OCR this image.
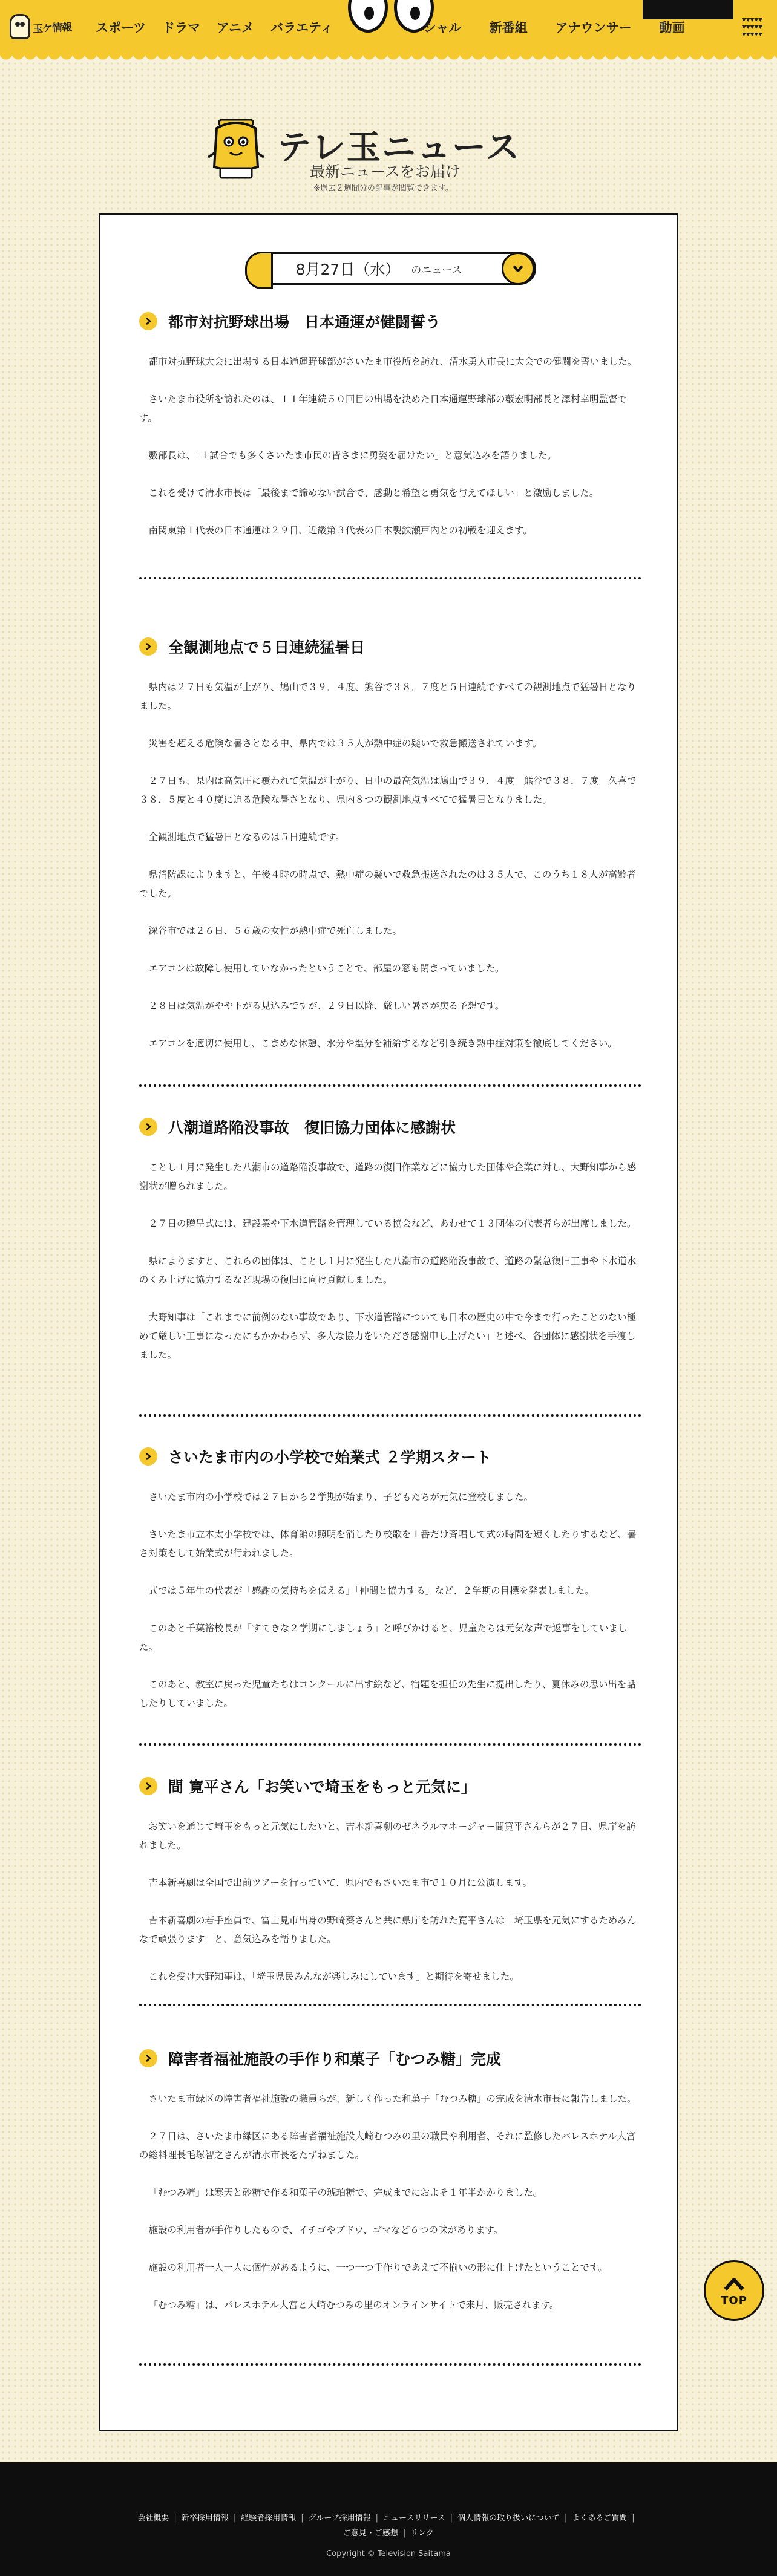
玉ケ情報 スポーツ	ドラマ	アニメ	バラエティ	シャル	新番組	アナウンサー	動画
テレ玉ニュース
最新ニュースをお届け
※過去２週間分の記事が閲覧できます。
8月27日（水） のニュース
都市対抗野球出場　日本通運が健闘誓う

都市対抗野球大会に出場する日本通運野球部がさいたま市役所を訪れ、清水勇人市長に大会での健闘を誓いました。

さいたま市役所を訪れたのは、１１年連続５０回目の出場を決めた日本通運野球部の藪宏明部長と澤村幸明監督です。

藪部長は、「１試合でも多くさいたま市民の皆さまに勇姿を届けたい」と意気込みを語りました。

これを受けて清水市長は「最後まで諦めない試合で、感動と希望と勇気を与えてほしい」と激励しました。

南関東第１代表の日本通運は２９日、近畿第３代表の日本製鉄瀬戸内との初戦を迎えます。

全観測地点で５日連続猛暑日

県内は２７日も気温が上がり、鳩山で３９．４度、熊谷で３８．７度と５日連続ですべての観測地点で猛暑日となりました。

災害を超える危険な暑さとなる中、県内では３５人が熱中症の疑いで救急搬送されています。

２７日も、県内は高気圧に覆われて気温が上がり、日中の最高気温は鳩山で３９．４度　熊谷で３８．７度　久喜で３８．５度と４０度に迫る危険な暑さとなり、県内８つの観測地点すべてで猛暑日となりました。

全観測地点で猛暑日となるのは５日連続です。

県消防課によりますと、午後４時の時点で、熱中症の疑いで救急搬送されたのは３５人で、このうち１８人が高齢者でした。

深谷市では２６日、５６歳の女性が熱中症で死亡しました。

エアコンは故障し使用していなかったということで、部屋の窓も閉まっていました。

２８日は気温がやや下がる見込みですが、２９日以降、厳しい暑さが戻る予想です。

エアコンを適切に使用し、こまめな休憩、水分や塩分を補給するなど引き続き熱中症対策を徹底してください。

八潮道路陥没事故　復旧協力団体に感謝状

ことし１月に発生した八潮市の道路陥没事故で、道路の復旧作業などに協力した団体や企業に対し、大野知事から感謝状が贈られました。

２７日の贈呈式には、建設業や下水道管路を管理している協会など、あわせて１３団体の代表者らが出席しました。

県によりますと、これらの団体は、ことし１月に発生した八潮市の道路陥没事故で、道路の緊急復旧工事や下水道水のくみ上げに協力するなど現場の復旧に向け貢献しました。

大野知事は「これまでに前例のない事故であり、下水道管路についても日本の歴史の中で今まで行ったことのない極めて厳しい工事になったにもかかわらず、多大な協力をいただき感謝申し上げたい」と述べ、各団体に感謝状を手渡しました。

さいたま市内の小学校で始業式 ２学期スタート

さいたま市内の小学校では２７日から２学期が始まり、子どもたちが元気に登校しました。

さいたま市立本太小学校では、体育館の照明を消したり校歌を１番だけ斉唱して式の時間を短くしたりするなど、暑さ対策をして始業式が行われました。

式では５年生の代表が「感謝の気持ちを伝える」「仲間と協力する」など、２学期の目標を発表しました。

このあと千葉裕校長が「すてきな２学期にしましょう」と呼びかけると、児童たちは元気な声で返事をしていました。

このあと、教室に戻った児童たちはコンクールに出す絵など、宿題を担任の先生に提出したり、夏休みの思い出を話したりしていました。

間 寛平さん「お笑いで埼玉をもっと元気に」

お笑いを通じて埼玉をもっと元気にしたいと、吉本新喜劇のゼネラルマネージャー間寛平さんらが２７日、県庁を訪れました。

吉本新喜劇は全国で出前ツアーを行っていて、県内でもさいたま市で１０月に公演します。

吉本新喜劇の若手座員で、富士見市出身の野崎葵さんと共に県庁を訪れた寛平さんは「埼玉県を元気にするためみんなで頑張ります」と、意気込みを語りました。

これを受け大野知事は、「埼玉県民みんなが楽しみにしています」と期待を寄せました。

障害者福祉施設の手作り和菓子「むつみ糖」完成

さいたま市緑区の障害者福祉施設の職員らが、新しく作った和菓子「むつみ糖」の完成を清水市長に報告しました。

２７日は、さいたま市緑区にある障害者福祉施設大崎むつみの里の職員や利用者、それに監修したパレスホテル大宮の総料理長毛塚智之さんが清水市長をたずねました。

「むつみ糖」は寒天と砂糖で作る和菓子の琥珀糖で、完成までにおよそ１年半かかりました。

施設の利用者が手作りしたもので、イチゴやブドウ、ゴマなど６つの味があります。

施設の利用者一人一人に個性があるように、一つ一つ手作りであえて不揃いの形に仕上げたということです。

「むつみ糖」は、パレスホテル大宮と大崎むつみの里のオンラインサイトで来月、販売されます。	TOP
会社概要 | 新卒採用情報 | 経験者採用情報 | グループ採用情報 | ニュースリリース | 個人情報の取り扱いについて | よくあるご質問 |
ご意見・ご感想 | リンク
Copyright © Television Saitama
